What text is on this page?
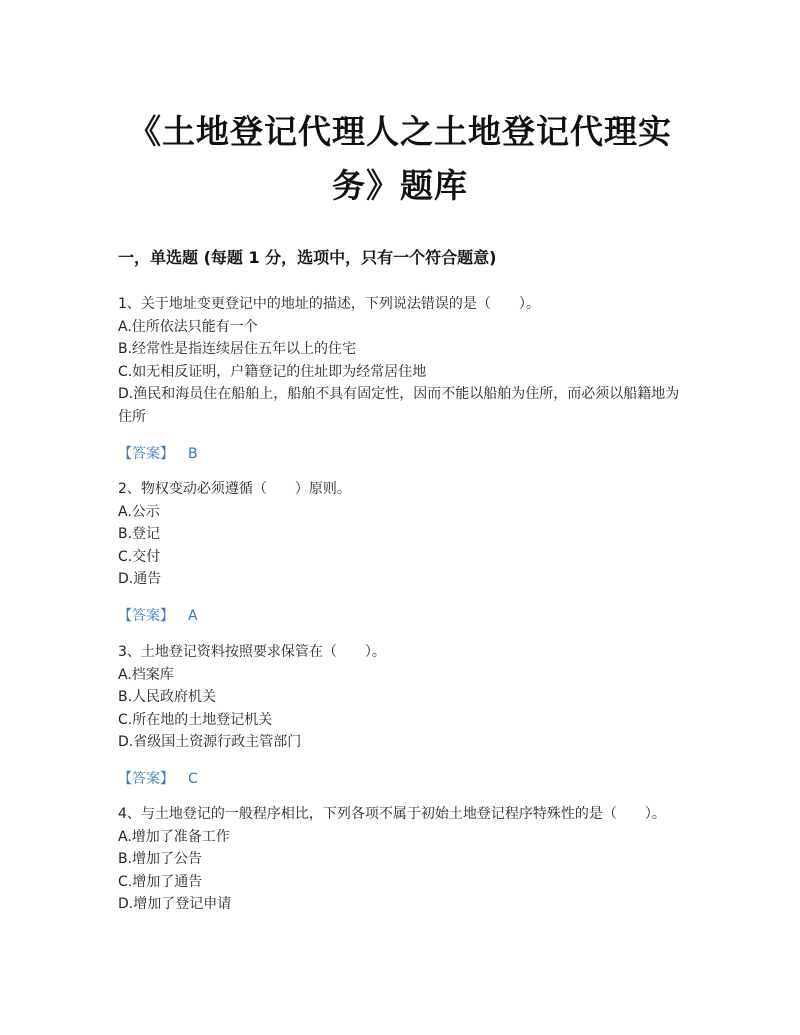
《土地登记代理人之土地登记代理实
务》题库
一，单选题 (每题 1 分，选项中，只有一个符合题意)
1、关于地址变更登记中的地址的描述，下列说法错误的是（　　）。
A.住所依法只能有一个
B.经常性是指连续居住五年以上的住宅
C.如无相反证明，户籍登记的住址即为经常居住地
D.渔民和海员住在船舶上，船舶不具有固定性，因而不能以船舶为住所，而必须以船籍地为住所
【答案】 B
2、物权变动必须遵循（　　）原则。
A.公示
B.登记
C.交付
D.通告
【答案】 A
3、土地登记资料按照要求保管在（　　）。
A.档案库
B.人民政府机关
C.所在地的土地登记机关
D.省级国土资源行政主管部门
【答案】 C
4、与土地登记的一般程序相比，下列各项不属于初始土地登记程序特殊性的是（　　）。
A.增加了准备工作
B.增加了公告
C.增加了通告
D.增加了登记申请
